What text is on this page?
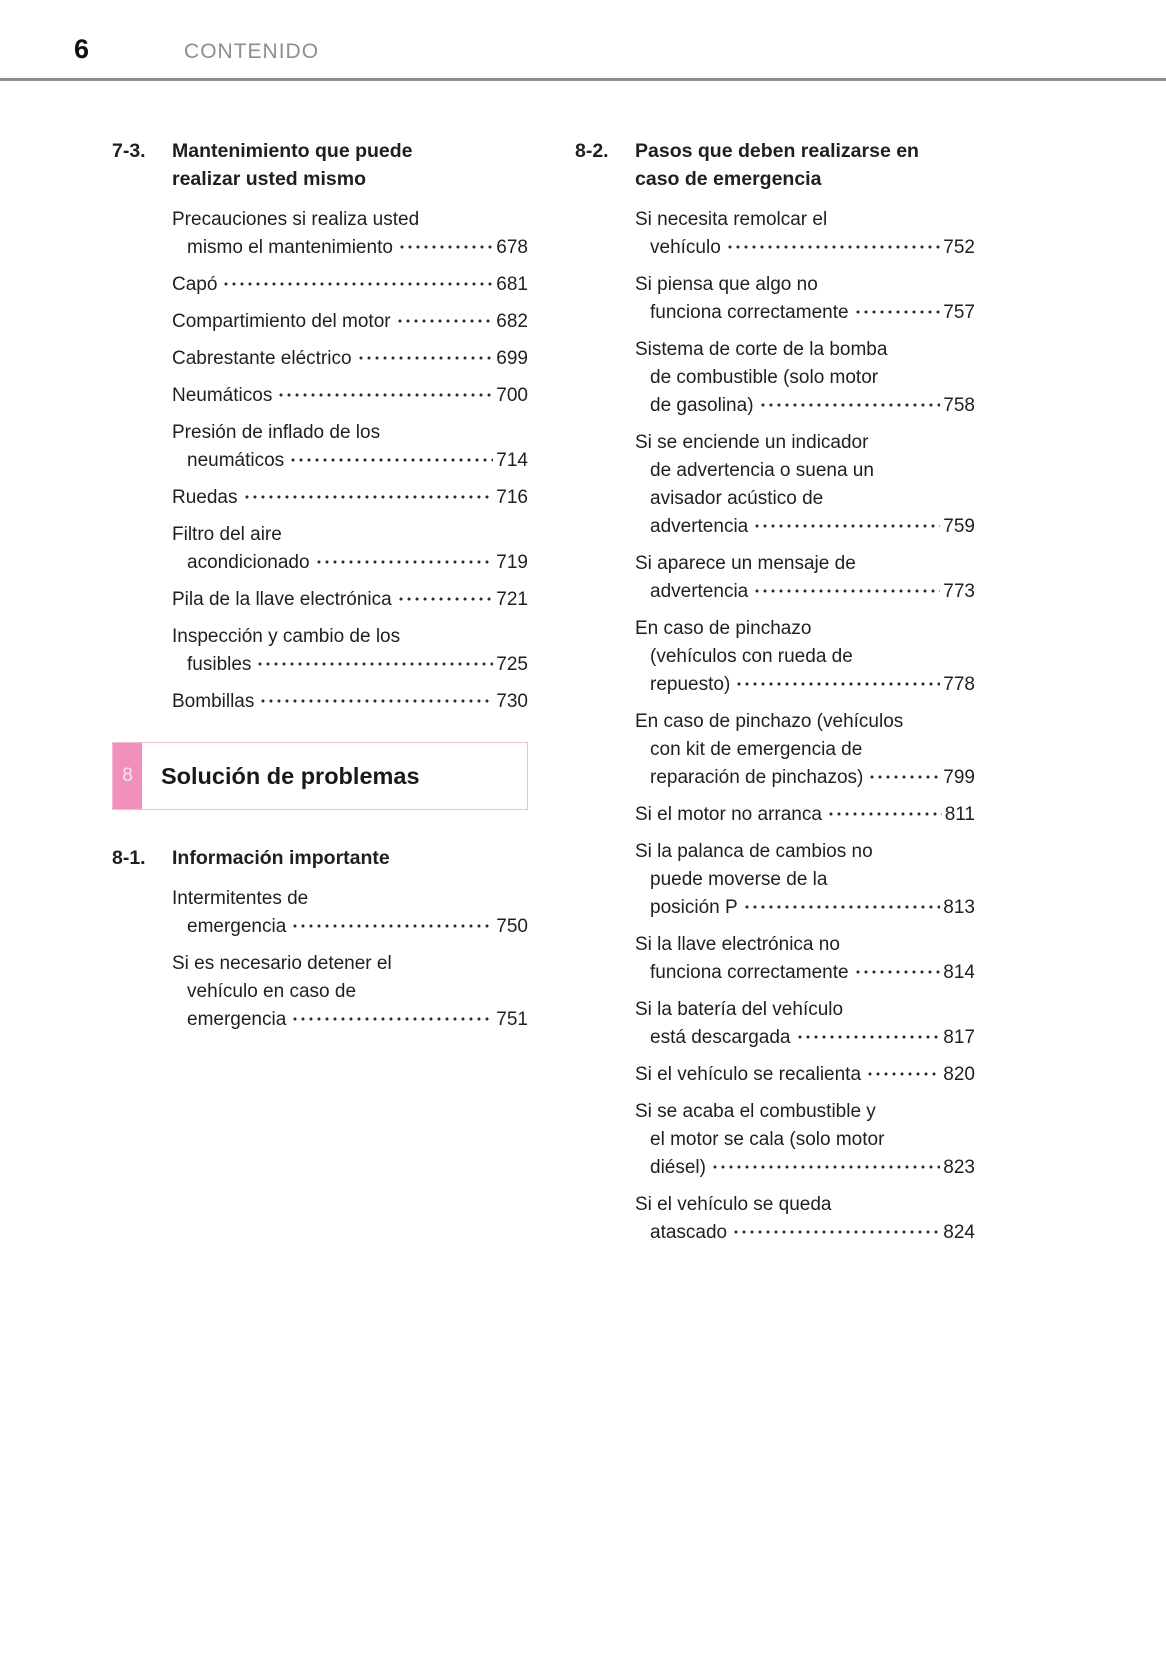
6	CONTENIDO
7-3.	Mantenimiento que puede
realizar usted mismo
Precauciones si realiza usted
mismo el mantenimiento	678
Capó	681
Compartimiento del motor	682
Cabrestante eléctrico	699
Neumáticos	700
Presión de inflado de los
neumáticos	714
Ruedas	716
Filtro del aire
acondicionado	719
Pila de la llave electrónica	721
Inspección y cambio de los
fusibles	725
Bombillas	730
8	Solución de problemas
8-1.	Información importante
Intermitentes de
emergencia	750
Si es necesario detener el
vehículo en caso de
emergencia	751
8-2.	Pasos que deben realizarse en
caso de emergencia
Si necesita remolcar el
vehículo	752
Si piensa que algo no
funciona correctamente	757
Sistema de corte de la bomba
de combustible (solo motor
de gasolina)	758
Si se enciende un indicador
de advertencia o suena un
avisador acústico de
advertencia	759
Si aparece un mensaje de
advertencia	773
En caso de pinchazo
(vehículos con rueda de
repuesto)	778
En caso de pinchazo (vehículos
con kit de emergencia de
reparación de pinchazos)	799
Si el motor no arranca	811
Si la palanca de cambios no
puede moverse de la
posición P	813
Si la llave electrónica no
funciona correctamente	814
Si la batería del vehículo
está descargada	817
Si el vehículo se recalienta	820
Si se acaba el combustible y
el motor se cala (solo motor
diésel)	823
Si el vehículo se queda
atascado	824
